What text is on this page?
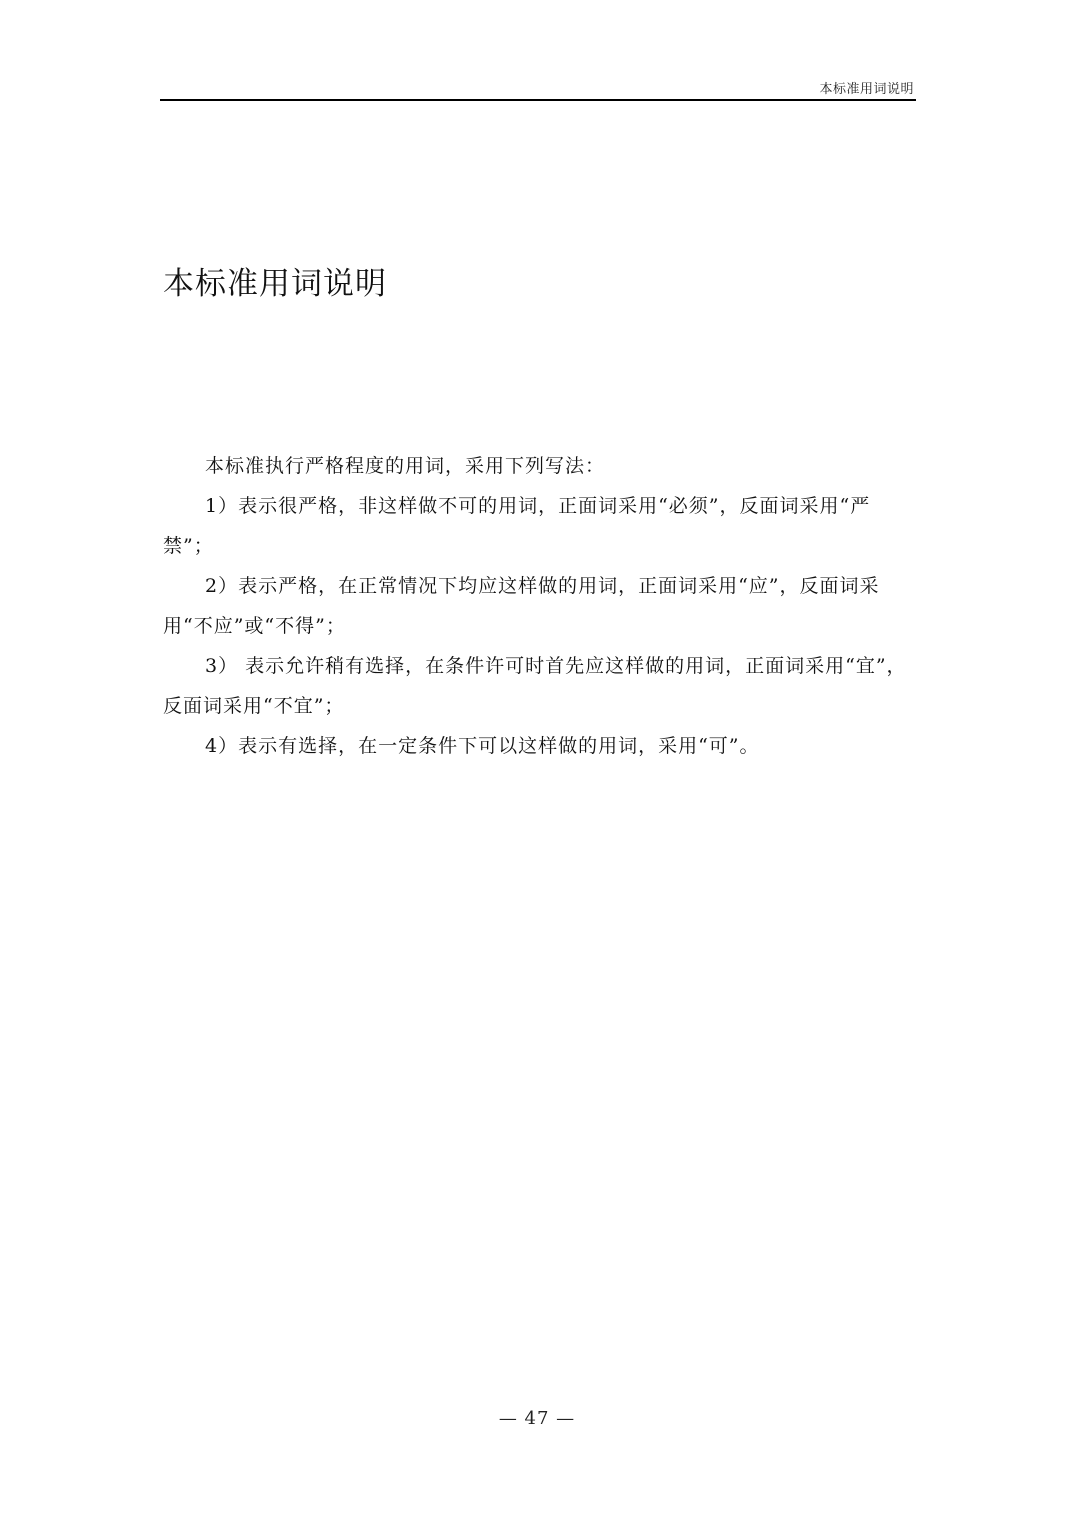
本标准用词说明
本标准用词说明

本标准执行严格程度的用词，采用下列写法：

1）表示很严格，非这样做不可的用词，正面词采用“必须”，反面词采用“严禁”；

2）表示严格，在正常情况下均应这样做的用词，正面词采用“应”，反面词采用“不应”或“不得”；

3） 表示允许稍有选择，在条件许可时首先应这样做的用词，正面词采用“宜”，反面词采用“不宜”；

4）表示有选择，在一定条件下可以这样做的用词，采用“可”。

— 47 —
